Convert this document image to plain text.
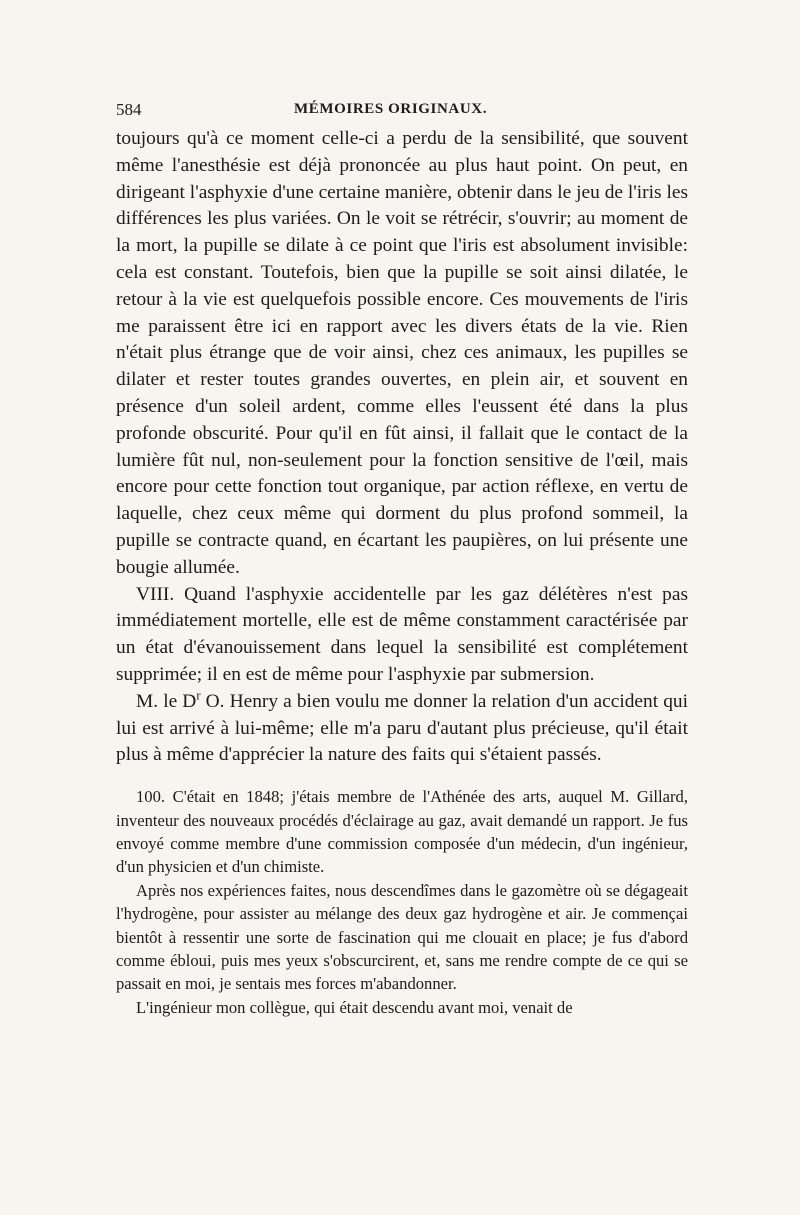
584	MÉMOIRES ORIGINAUX.

toujours qu'à ce moment celle-ci a perdu de la sensibilité, que souvent même l'anesthésie est déjà prononcée au plus haut point. On peut, en dirigeant l'asphyxie d'une certaine manière, obtenir dans le jeu de l'iris les différences les plus variées. On le voit se rétrécir, s'ouvrir; au moment de la mort, la pupille se dilate à ce point que l'iris est absolument invisible: cela est constant. Toutefois, bien que la pupille se soit ainsi dilatée, le retour à la vie est quelquefois possible encore. Ces mouvements de l'iris me paraissent être ici en rapport avec les divers états de la vie. Rien n'était plus étrange que de voir ainsi, chez ces animaux, les pupilles se dilater et rester toutes grandes ouvertes, en plein air, et souvent en présence d'un soleil ardent, comme elles l'eussent été dans la plus profonde obscurité. Pour qu'il en fût ainsi, il fallait que le contact de la lumière fût nul, non-seulement pour la fonction sensitive de l'œil, mais encore pour cette fonction tout organique, par action réflexe, en vertu de laquelle, chez ceux même qui dorment du plus profond sommeil, la pupille se contracte quand, en écartant les paupières, on lui présente une bougie allumée.

VIII. Quand l'asphyxie accidentelle par les gaz délétères n'est pas immédiatement mortelle, elle est de même constamment caractérisée par un état d'évanouissement dans lequel la sensibilité est complétement supprimée; il en est de même pour l'asphyxie par submersion.

M. le $D^r$ O. Henry a bien voulu me donner la relation d'un accident qui lui est arrivé à lui-même; elle m'a paru d'autant plus précieuse, qu'il était plus à même d'apprécier la nature des faits qui s'étaient passés.

100. C'était en 1848; j'étais membre de l'Athénée des arts, auquel M. Gillard, inventeur des nouveaux procédés d'éclairage au gaz, avait demandé un rapport. Je fus envoyé comme membre d'une commission composée d'un médecin, d'un ingénieur, d'un physicien et d'un chimiste.

Après nos expériences faites, nous descendîmes dans le gazomètre où se dégageait l'hydrogène, pour assister au mélange des deux gaz hydrogène et air. Je commençai bientôt à ressentir une sorte de fascination qui me clouait en place; je fus d'abord comme ébloui, puis mes yeux s'obscurcirent, et, sans me rendre compte de ce qui se passait en moi, je sentais mes forces m'abandonner.

L'ingénieur mon collègue, qui était descendu avant moi, venait de
